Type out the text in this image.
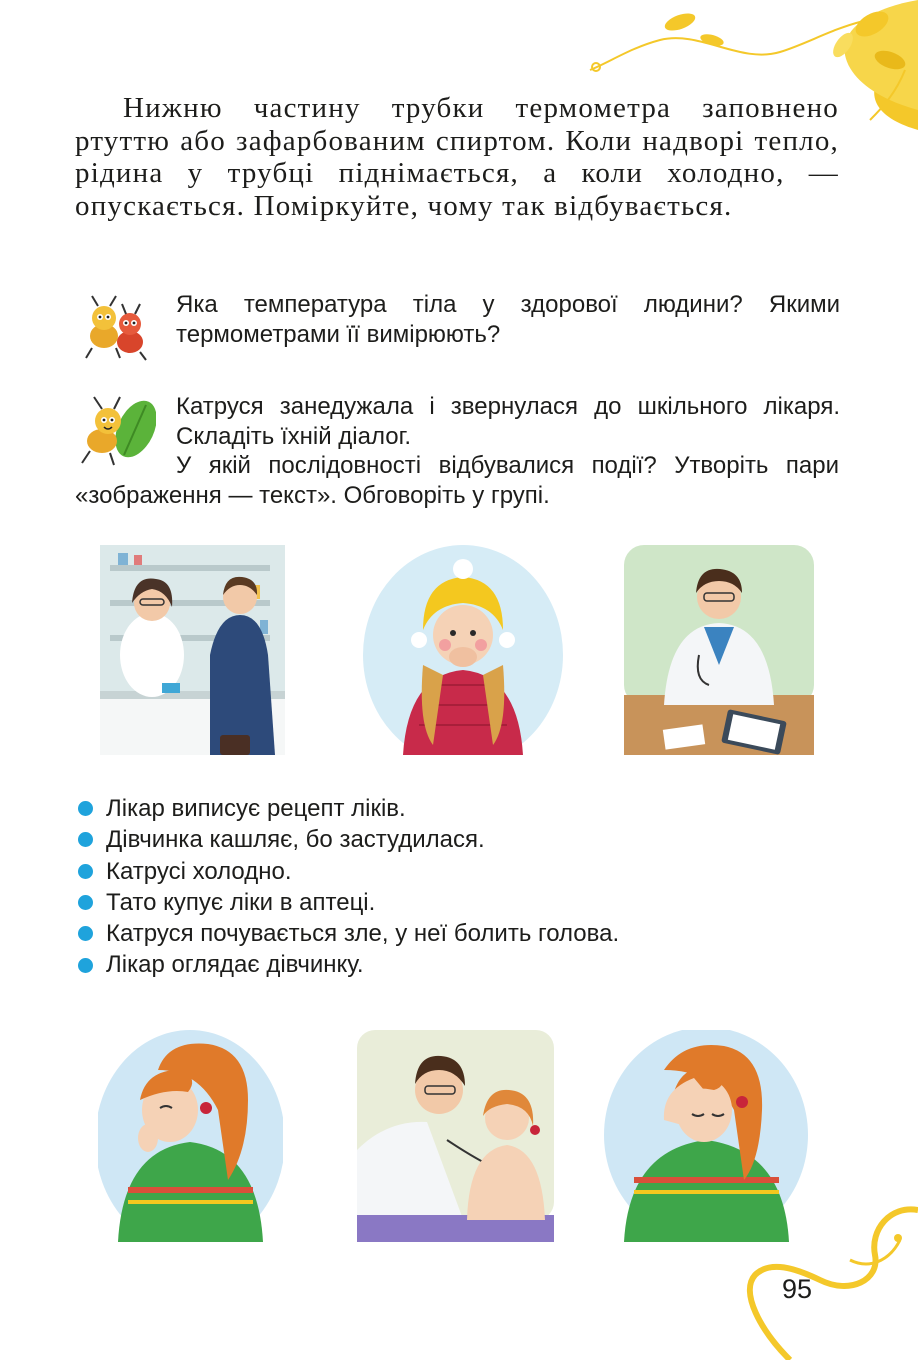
Нижню частину трубки термометра заповнено ртуттю або зафарбованим спиртом. Коли надворі тепло, рідина у трубці піднімається, а коли холодно, — опускається. Поміркуйте, чому так відбувається.

Яка температура тіла у здорової людини? Якими термометрами її вимірюють?

Катруся занедужала і звернулася до шкільного лікаря. Складіть їхній діалог.

У якій послідовності відбувалися події? Утворіть пари «зображення — текст». Обговоріть у групі.

Лікар виписує рецепт ліків.
Дівчинка кашляє, бо застудилася.
Катрусі холодно.
Тато купує ліки в аптеці.
Катруся почувається зле, у неї болить голова.
Лікар оглядає дівчинку.
95
